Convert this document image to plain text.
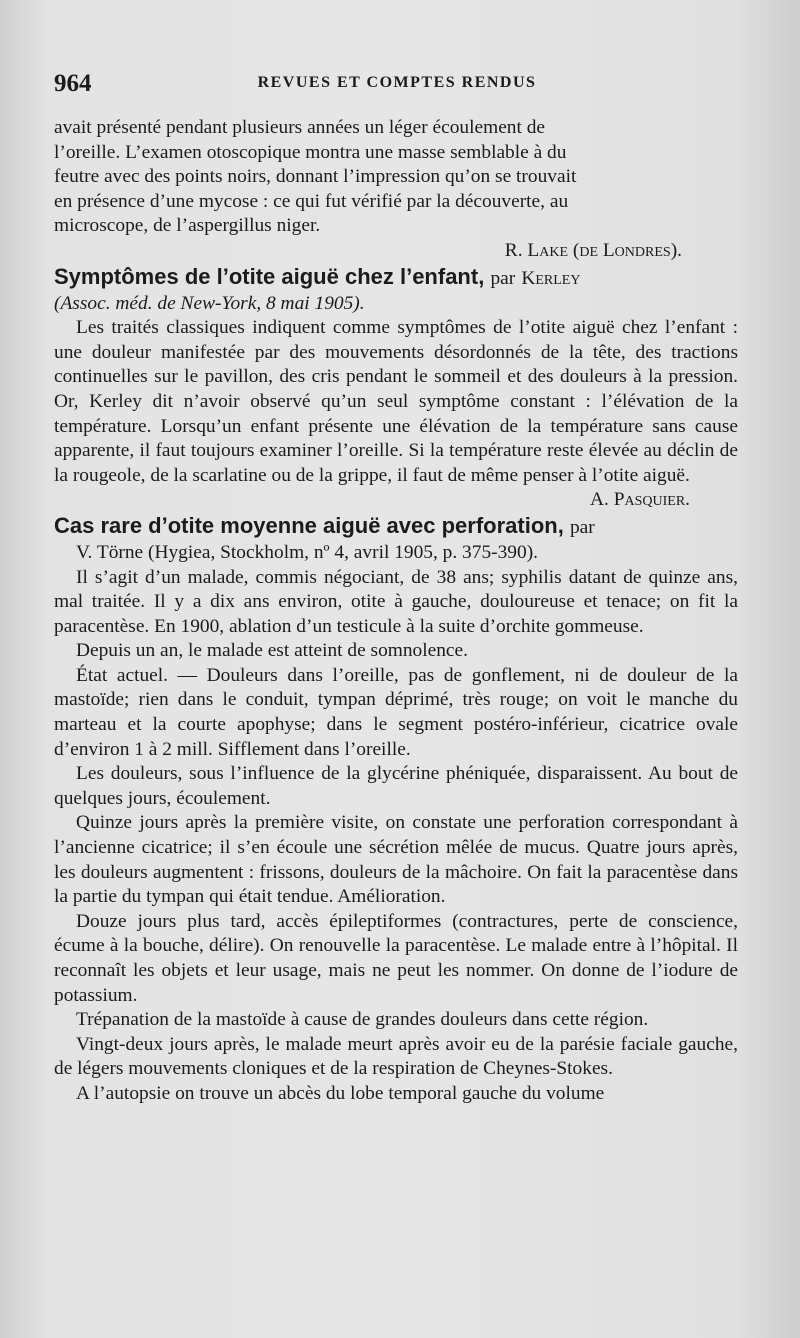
964	REVUES ET COMPTES RENDUS

avait présenté pendant plusieurs années un léger écoulement de

l’oreille. L’examen otoscopique montra une masse semblable à du

feutre avec des points noirs, donnant l’impression qu’on se trouvait

en présence d’une mycose : ce qui fut vérifié par la découverte, au

microscope, de l’aspergillus niger.

R. Lake (de Londres).

Symptômes de l’otite aiguë chez l’enfant, par Kerley

(Assoc. méd. de New-York, 8 mai 1905).

Les traités classiques indiquent comme symptômes de l’otite aiguë chez l’enfant : une douleur manifestée par des mouvements désordonnés de la tête, des tractions continuelles sur le pavillon, des cris pendant le sommeil et des douleurs à la pression. Or, Kerley dit n’avoir observé qu’un seul symptôme constant : l’élévation de la température. Lorsqu’un enfant présente une élévation de la température sans cause apparente, il faut toujours examiner l’oreille. Si la température reste élevée au déclin de la rougeole, de la scarlatine ou de la grippe, il faut de même penser à l’otite aiguë.

A. Pasquier.

Cas rare d’otite moyenne aiguë avec perforation, par

V. Törne (Hygiea, Stockholm, nº 4, avril 1905, p. 375-390).

Il s’agit d’un malade, commis négociant, de 38 ans; syphilis datant de quinze ans, mal traitée. Il y a dix ans environ, otite à gauche, douloureuse et tenace; on fit la paracentèse. En 1900, ablation d’un testicule à la suite d’orchite gommeuse.

Depuis un an, le malade est atteint de somnolence.

État actuel. — Douleurs dans l’oreille, pas de gonflement, ni de douleur de la mastoïde; rien dans le conduit, tympan déprimé, très rouge; on voit le manche du marteau et la courte apophyse; dans le segment postéro-inférieur, cicatrice ovale d’environ 1 à 2 mill. Sifflement dans l’oreille.

Les douleurs, sous l’influence de la glycérine phéniquée, disparaissent. Au bout de quelques jours, écoulement.

Quinze jours après la première visite, on constate une perforation correspondant à l’ancienne cicatrice; il s’en écoule une sécrétion mêlée de mucus. Quatre jours après, les douleurs augmentent : frissons, douleurs de la mâchoire. On fait la paracentèse dans la partie du tympan qui était tendue. Amélioration.

Douze jours plus tard, accès épileptiformes (contractures, perte de conscience, écume à la bouche, délire). On renouvelle la paracentèse. Le malade entre à l’hôpital. Il reconnaît les objets et leur usage, mais ne peut les nommer. On donne de l’iodure de potassium.

Trépanation de la mastoïde à cause de grandes douleurs dans cette région.

Vingt-deux jours après, le malade meurt après avoir eu de la parésie faciale gauche, de légers mouvements cloniques et de la respiration de Cheynes-Stokes.

A l’autopsie on trouve un abcès du lobe temporal gauche du volume
